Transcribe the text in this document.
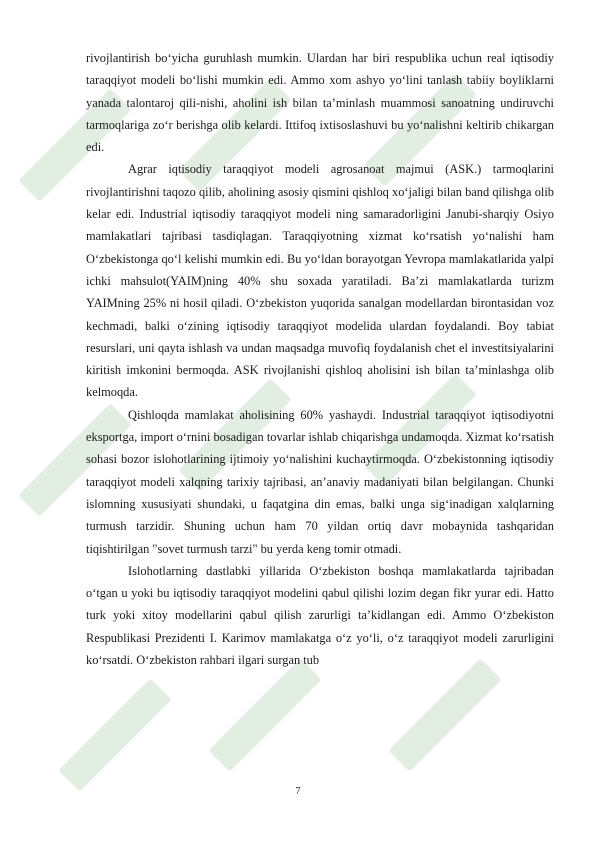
rivojlantirish bo‘yicha guruhlash mumkin. Ulardan har biri respublika uchun real iqtisodiy taraqqiyot modeli bo‘lishi mumkin edi. Ammo xom ashyo yo‘lini tanlash tabiiy boyliklarni yanada talontaroj qili-nishi, aholini ish bilan ta’minlash muammosi sanoatning undiruvchi tarmoqlariga zo‘r berishga olib kelardi. Ittifoq ixtisoslashuvi bu yo‘nalishni keltirib chikargan edi.

Agrar iqtisodiy taraqqiyot modeli agrosanoat majmui (ASK.) tarmoqlarini rivojlantirishni taqozo qilib, aholining asosiy qismini qishloq xo‘jaligi bilan band qilishga olib kelar edi. Industrial iqtisodiy taraqqiyot modeli ning samaradorligini Janubi-sharqiy Osiyo mamlakatlari tajribasi tasdiqlagan. Taraqqiyotning xizmat ko‘rsatish yo‘nalishi ham O‘zbekistonga qo‘l kelishi mumkin edi. Bu yo‘ldan borayotgan Yevropa mamlakatlarida yalpi ichki mahsulot(YAIM)ning 40% shu soxada yaratiladi. Ba’zi mamlakatlarda turizm YAIMning 25% ni hosil qiladi. O‘zbekiston yuqorida sanalgan modellardan birontasidan voz kechmadi, balki o‘zining iqtisodiy taraqqiyot modelida ulardan foydalandi. Boy tabiat resurslari, uni qayta ishlash va undan maqsadga muvofiq foydalanish chet el investitsiyalarini kiritish imkonini bermoqda. ASK rivojlanishi qishloq aholisini ish bilan ta’minlashga olib kelmoqda.

Qishloqda mamlakat aholisining 60% yashaydi. Industrial taraqqiyot iqtisodiyotni eksportga, import o‘rnini bosadigan tovarlar ishlab chiqarishga undamoqda. Xizmat ko‘rsatish sohasi bozor islohotlarining ijtimoiy yo‘nalishini kuchaytirmoqda. O‘zbekistonning iqtisodiy taraqqiyot modeli xalqning tarixiy tajribasi, an’anaviy madaniyati bilan belgilangan. Chunki islomning xususiyati shundaki, u faqatgina din emas, balki unga sig‘inadigan xalqlarning turmush tarzidir. Shuning uchun ham 70 yildan ortiq davr mobaynida tashqaridan tiqishtirilgan "sovet turmush tarzi" bu yerda keng tomir otmadi.

Islohotlarning dastlabki yillarida O‘zbekiston boshqa mamlakatlarda tajribadan o‘tgan u yoki bu iqtisodiy taraqqiyot modelini qabul qilishi lozim degan fikr yurar edi. Hatto turk yoki xitoy modellarini qabul qilish zarurligi ta’kidlangan edi. Ammo O‘zbekiston Respublikasi Prezidenti I. Karimov mamlakatga o‘z yo‘li, o‘z taraqqiyot modeli zarurligini ko‘rsatdi. O‘zbekiston rahbari ilgari surgan tub

7
